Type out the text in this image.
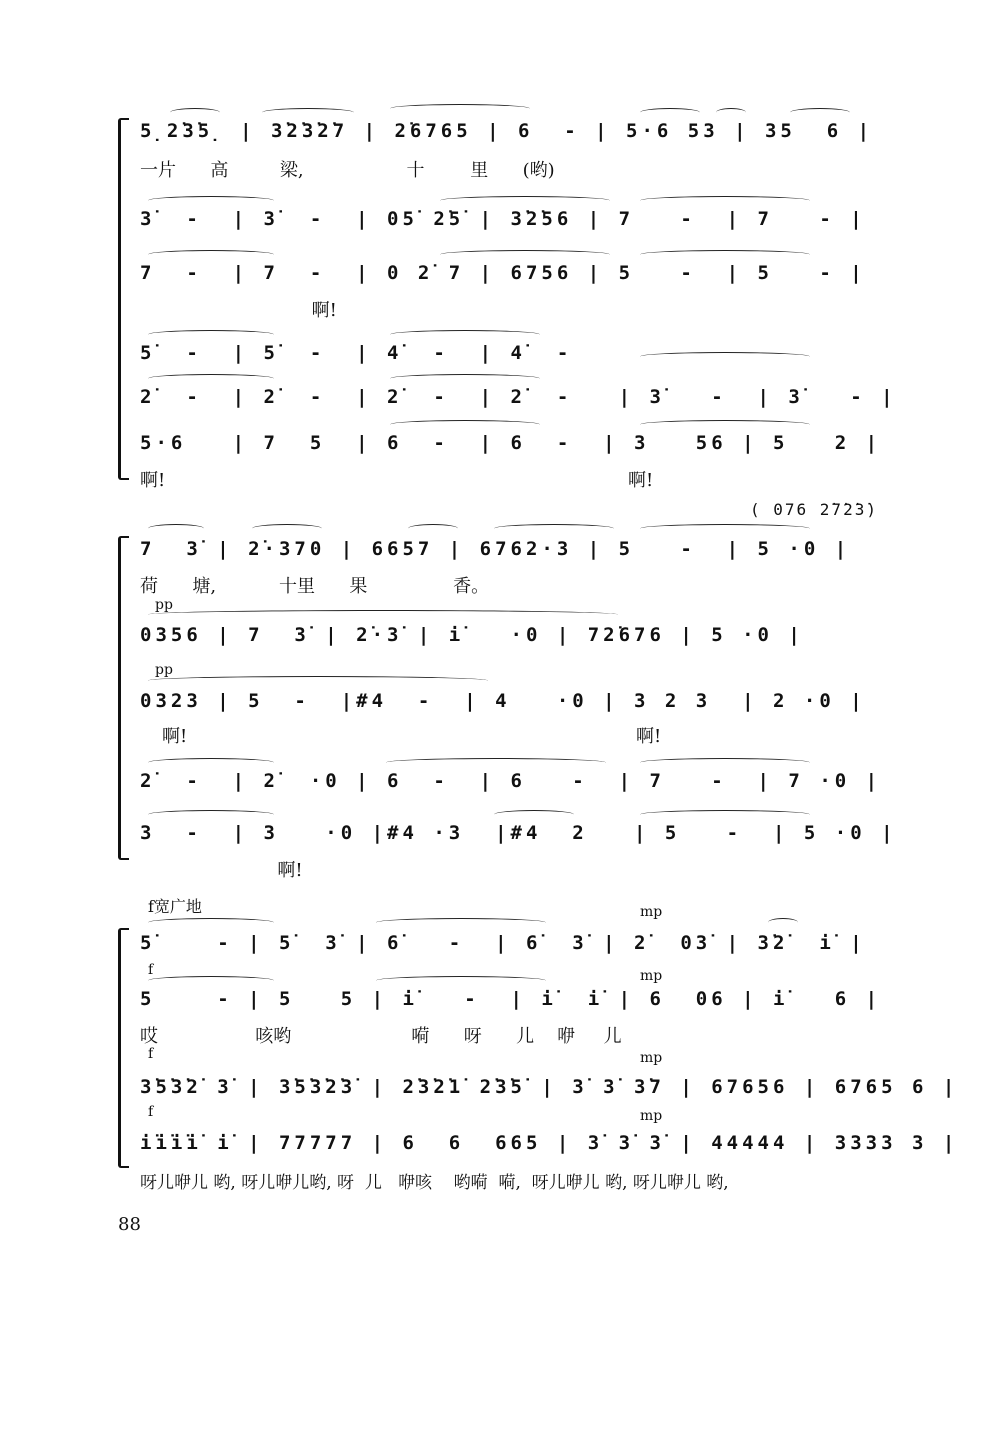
5̣2̇3̇5̣ | 3̇2̇3̇2̇7 | 2̇6765 | 6  - | 5·6 53 | 35  6 |
一片      高         梁,                  十        里      (哟)
3̇  -  | 3̇  -  | 05̇ 2̇5̇ | 3̇2̇56 | 7   -  | 7   - |
7  -  | 7  -  | 0 2̇ 7 | 6756 | 5   -  | 5   - |
啊!
5̇  -  | 5̇  -  | 4̇  -  | 4̇  -
2̇  -  | 2̇  -  | 2̇  -  | 2̇  -   | 3̇   -  | 3̇   - |
5·6   | 7  5  | 6  -  | 6  -  | 3   56 | 5   2 |
啊!	啊!
( 076 2̇7̇2̇3̇)
7  3̇ | 2̇·370 | 6657 | 6762·3 | 5   -  | 5 ·0 |
荷      塘,           十里      果               香。
pp
0356 | 7  3̇ | 2̇·3̇ | i̇   ·0 | 72̇676 | 5 ·0 |
pp
0323 | 5  -  |#4  -  | 4   ·0 | 3 2 3  | 2 ·0 |
啊!	啊!
2̇  -  | 2̇  ·0 | 6  -  | 6   -  | 7   -  | 7 ·0 |
3  -  | 3   ·0 |#4 ·3  |#4  2   | 5   -  | 5 ·0 |
啊!
f宽广地	mp
5̇    - | 5̇  3̇ | 6̇   -  | 6̇  3̇ | 2̇  03̇ | 3̇2̇  i̇ |
f	mp
5    - | 5   5 | i̇   -  | i̇  i̇ | 6  06 | i̇   6 |
哎                 咳哟                     嗬      呀      儿    咿     儿
f	mp
3̇5̇3̇2̇ 3̇ | 3̇5̇3̇2̇3̇ | 2̇3̇2̇1̇ 2̇3̇5̇ | 3̇ 3̇ 3̇7 | 67656 | 6765 6 |
f	mp
i̇i̇i̇i̇ i̇ | 77777 | 6  6  665 | 3̇ 3̇ 3̇ | 44444 | 3333 3 |
呀儿咿儿 哟, 呀儿咿儿哟, 呀  儿   咿咳    哟嗬  嗬,  呀儿咿儿 哟, 呀儿咿儿 哟,
88
